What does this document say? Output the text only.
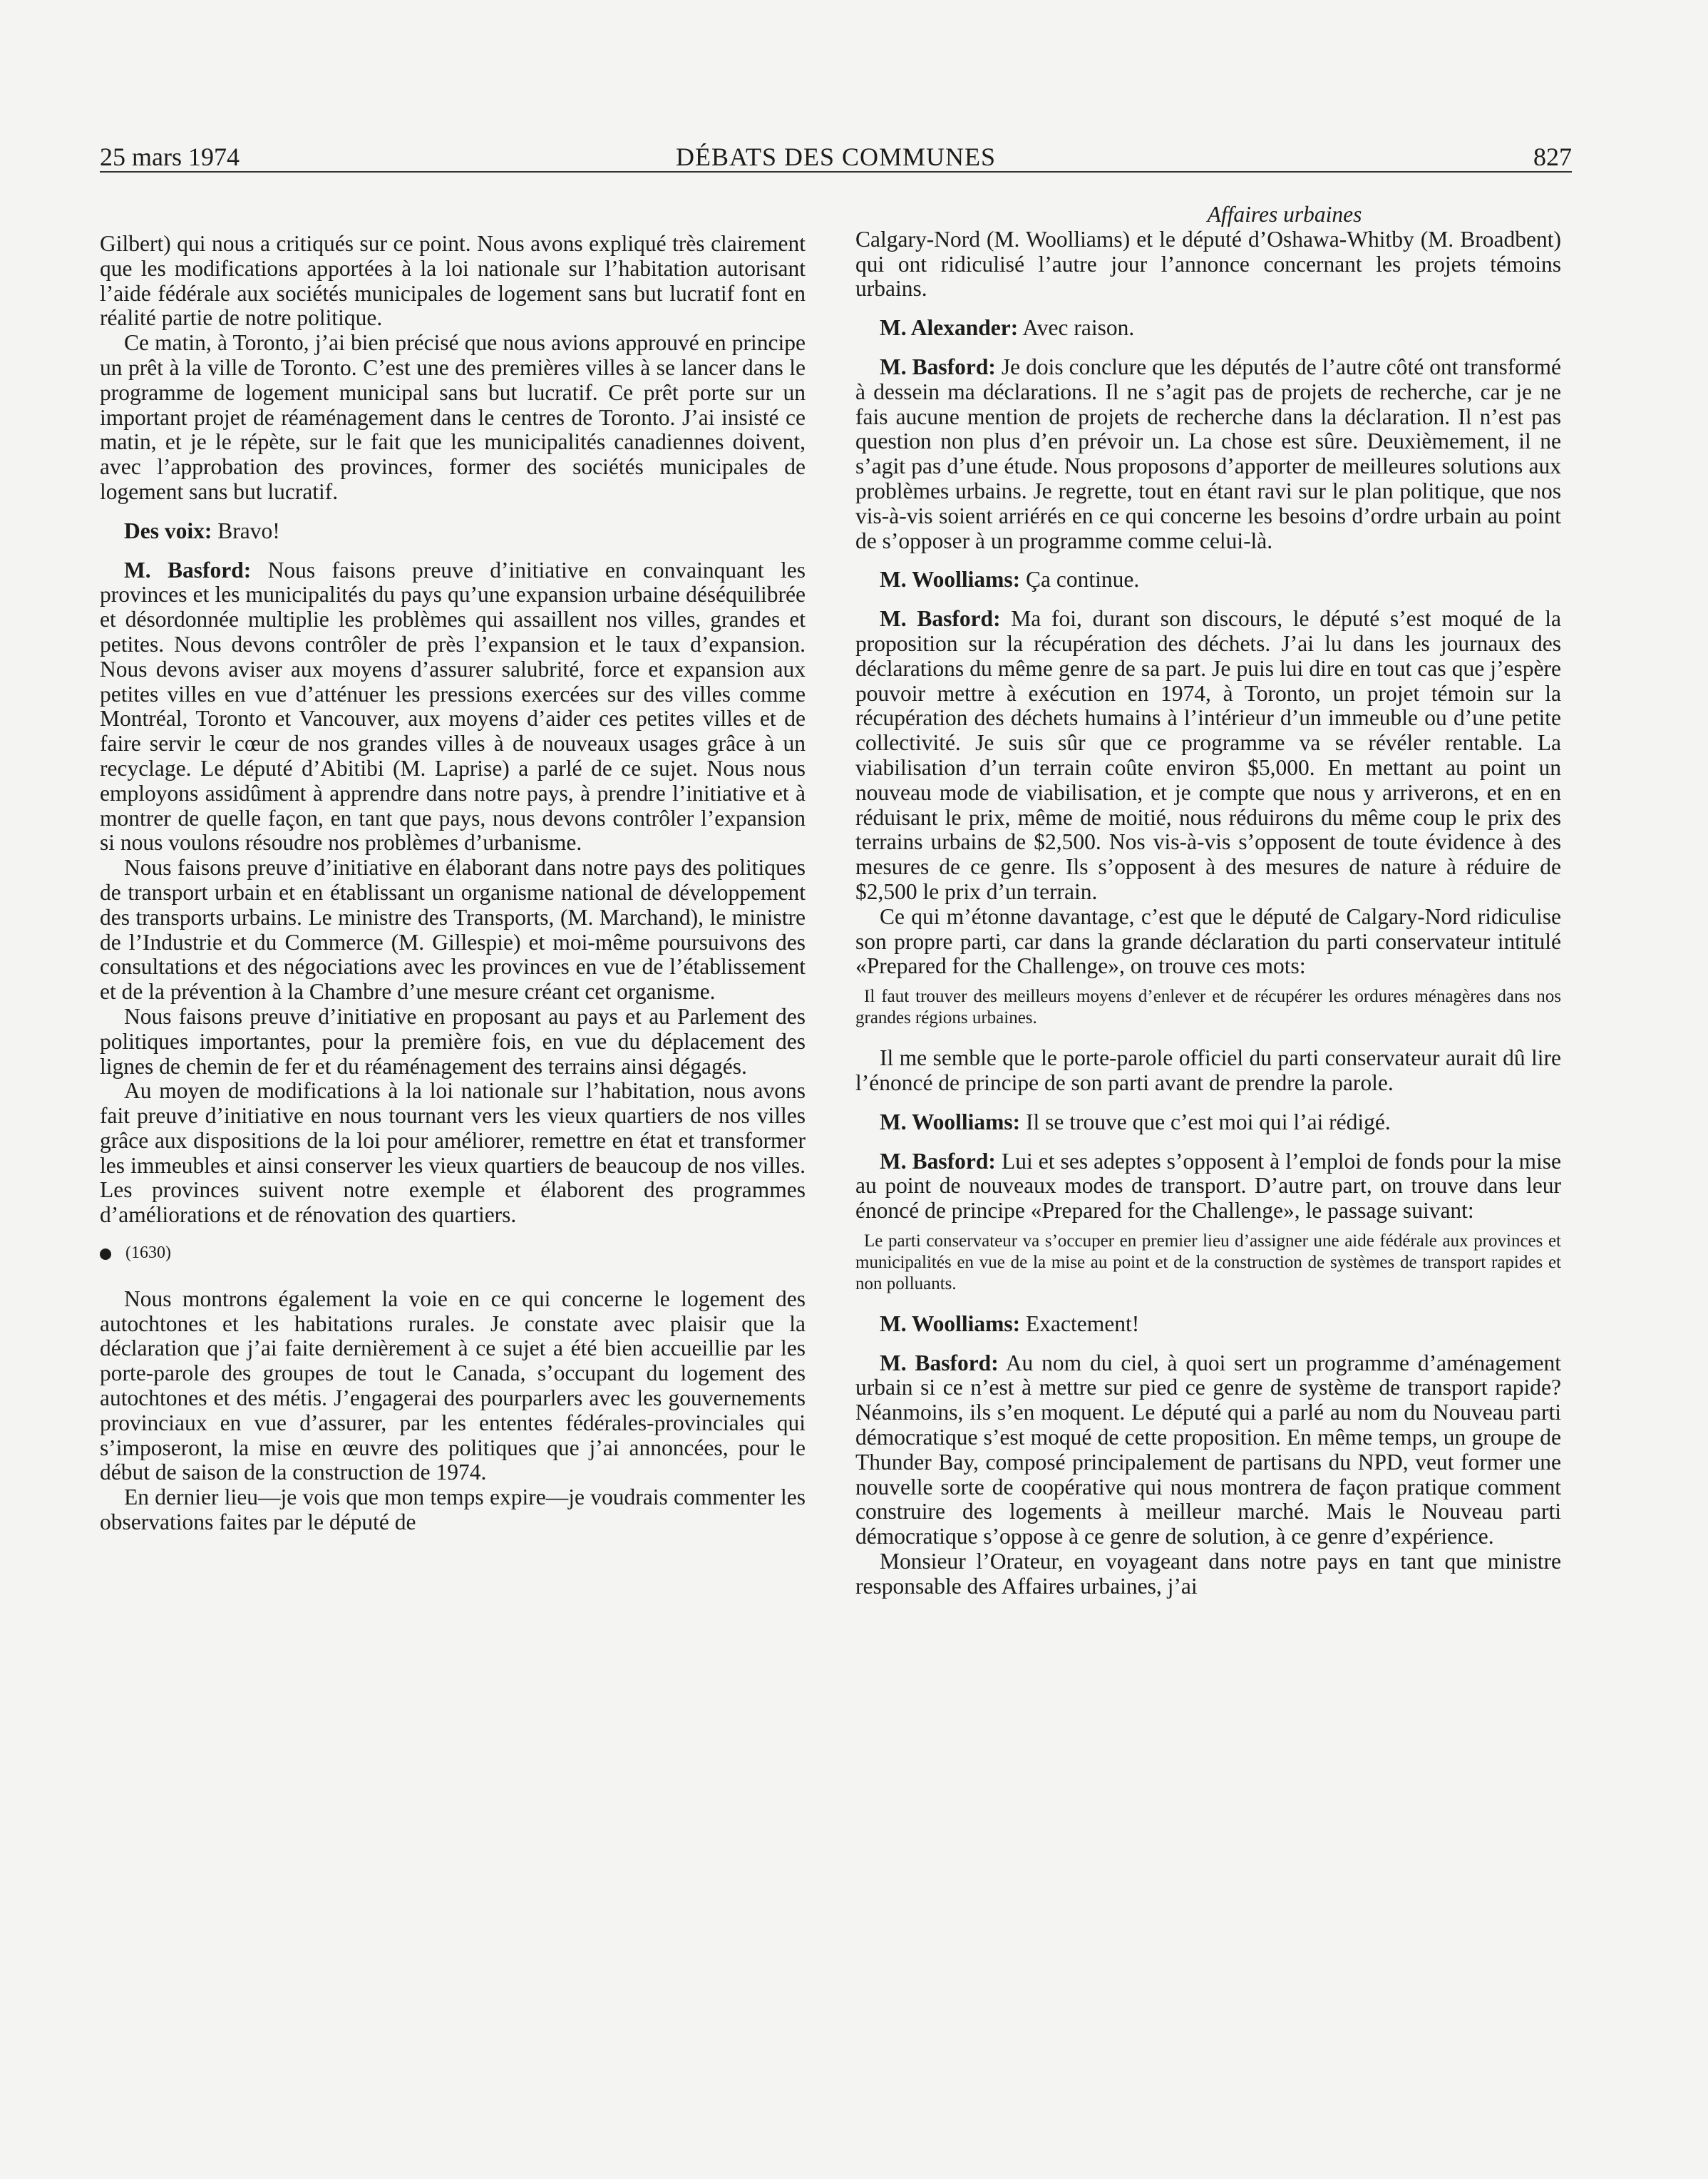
25 mars 1974	DÉBATS DES COMMUNES	827

Gilbert) qui nous a critiqués sur ce point. Nous avons expliqué très clairement que les modifications apportées à la loi nationale sur l’habitation autorisant l’aide fédérale aux sociétés municipales de logement sans but lucratif font en réalité partie de notre politique.

Ce matin, à Toronto, j’ai bien précisé que nous avions approuvé en principe un prêt à la ville de Toronto. C’est une des premières villes à se lancer dans le programme de logement municipal sans but lucratif. Ce prêt porte sur un important projet de réaménagement dans le centres de Toronto. J’ai insisté ce matin, et je le répète, sur le fait que les municipalités canadiennes doivent, avec l’approbation des provinces, former des sociétés municipales de logement sans but lucratif.

Des voix: Bravo!

M. Basford: Nous faisons preuve d’initiative en convainquant les provinces et les municipalités du pays qu’une expansion urbaine déséquilibrée et désordonnée multiplie les problèmes qui assaillent nos villes, grandes et petites. Nous devons contrôler de près l’expansion et le taux d’expansion. Nous devons aviser aux moyens d’assurer salubrité, force et expansion aux petites villes en vue d’atténuer les pressions exercées sur des villes comme Montréal, Toronto et Vancouver, aux moyens d’aider ces petites villes et de faire servir le cœur de nos grandes villes à de nouveaux usages grâce à un recyclage. Le député d’Abitibi (M. Laprise) a parlé de ce sujet. Nous nous employons assidûment à apprendre dans notre pays, à prendre l’initiative et à montrer de quelle façon, en tant que pays, nous devons contrôler l’expansion si nous voulons résoudre nos problèmes d’urbanisme.

Nous faisons preuve d’initiative en élaborant dans notre pays des politiques de transport urbain et en établissant un organisme national de développement des transports urbains. Le ministre des Transports, (M. Marchand), le ministre de l’Industrie et du Commerce (M. Gillespie) et moi-même poursuivons des consultations et des négociations avec les provinces en vue de l’établissement et de la prévention à la Chambre d’une mesure créant cet organisme.

Nous faisons preuve d’initiative en proposant au pays et au Parlement des politiques importantes, pour la première fois, en vue du déplacement des lignes de chemin de fer et du réaménagement des terrains ainsi dégagés.

Au moyen de modifications à la loi nationale sur l’habitation, nous avons fait preuve d’initiative en nous tournant vers les vieux quartiers de nos villes grâce aux dispositions de la loi pour améliorer, remettre en état et transformer les immeubles et ainsi conserver les vieux quartiers de beaucoup de nos villes. Les provinces suivent notre exemple et élaborent des programmes d’améliorations et de rénovation des quartiers.

(1630)

Nous montrons également la voie en ce qui concerne le logement des autochtones et les habitations rurales. Je constate avec plaisir que la déclaration que j’ai faite dernièrement à ce sujet a été bien accueillie par les porte-parole des groupes de tout le Canada, s’occupant du logement des autochtones et des métis. J’engagerai des pourparlers avec les gouvernements provinciaux en vue d’assurer, par les ententes fédérales-provinciales qui s’imposeront, la mise en œuvre des politiques que j’ai annoncées, pour le début de saison de la construction de 1974.

En dernier lieu—je vois que mon temps expire—je voudrais commenter les observations faites par le député de

Affaires urbaines

Calgary-Nord (M. Woolliams) et le député d’Oshawa-Whitby (M. Broadbent) qui ont ridiculisé l’autre jour l’annonce concernant les projets témoins urbains.

M. Alexander: Avec raison.

M. Basford: Je dois conclure que les députés de l’autre côté ont transformé à dessein ma déclarations. Il ne s’agit pas de projets de recherche, car je ne fais aucune mention de projets de recherche dans la déclaration. Il n’est pas question non plus d’en prévoir un. La chose est sûre. Deuxièmement, il ne s’agit pas d’une étude. Nous proposons d’apporter de meilleures solutions aux problèmes urbains. Je regrette, tout en étant ravi sur le plan politique, que nos vis-à-vis soient arriérés en ce qui concerne les besoins d’ordre urbain au point de s’opposer à un programme comme celui-là.

M. Woolliams: Ça continue.

M. Basford: Ma foi, durant son discours, le député s’est moqué de la proposition sur la récupération des déchets. J’ai lu dans les journaux des déclarations du même genre de sa part. Je puis lui dire en tout cas que j’espère pouvoir mettre à exécution en 1974, à Toronto, un projet témoin sur la récupération des déchets humains à l’intérieur d’un immeuble ou d’une petite collectivité. Je suis sûr que ce programme va se révéler rentable. La viabilisation d’un terrain coûte environ $5,000. En mettant au point un nouveau mode de viabilisation, et je compte que nous y arriverons, et en en réduisant le prix, même de moitié, nous réduirons du même coup le prix des terrains urbains de $2,500. Nos vis-à-vis s’opposent de toute évidence à des mesures de ce genre. Ils s’opposent à des mesures de nature à réduire de $2,500 le prix d’un terrain.

Ce qui m’étonne davantage, c’est que le député de Calgary-Nord ridiculise son propre parti, car dans la grande déclaration du parti conservateur intitulé «Prepared for the Challenge», on trouve ces mots:

Il faut trouver des meilleurs moyens d’enlever et de récupérer les ordures ménagères dans nos grandes régions urbaines.

Il me semble que le porte-parole officiel du parti conservateur aurait dû lire l’énoncé de principe de son parti avant de prendre la parole.

M. Woolliams: Il se trouve que c’est moi qui l’ai rédigé.

M. Basford: Lui et ses adeptes s’opposent à l’emploi de fonds pour la mise au point de nouveaux modes de transport. D’autre part, on trouve dans leur énoncé de principe «Prepared for the Challenge», le passage suivant:

Le parti conservateur va s’occuper en premier lieu d’assigner une aide fédérale aux provinces et municipalités en vue de la mise au point et de la construction de systèmes de transport rapides et non polluants.

M. Woolliams: Exactement!

M. Basford: Au nom du ciel, à quoi sert un programme d’aménagement urbain si ce n’est à mettre sur pied ce genre de système de transport rapide? Néanmoins, ils s’en moquent. Le député qui a parlé au nom du Nouveau parti démocratique s’est moqué de cette proposition. En même temps, un groupe de Thunder Bay, composé principalement de partisans du NPD, veut former une nouvelle sorte de coopérative qui nous montrera de façon pratique comment construire des logements à meilleur marché. Mais le Nouveau parti démocratique s’oppose à ce genre de solution, à ce genre d’expérience.

Monsieur l’Orateur, en voyageant dans notre pays en tant que ministre responsable des Affaires urbaines, j’ai
